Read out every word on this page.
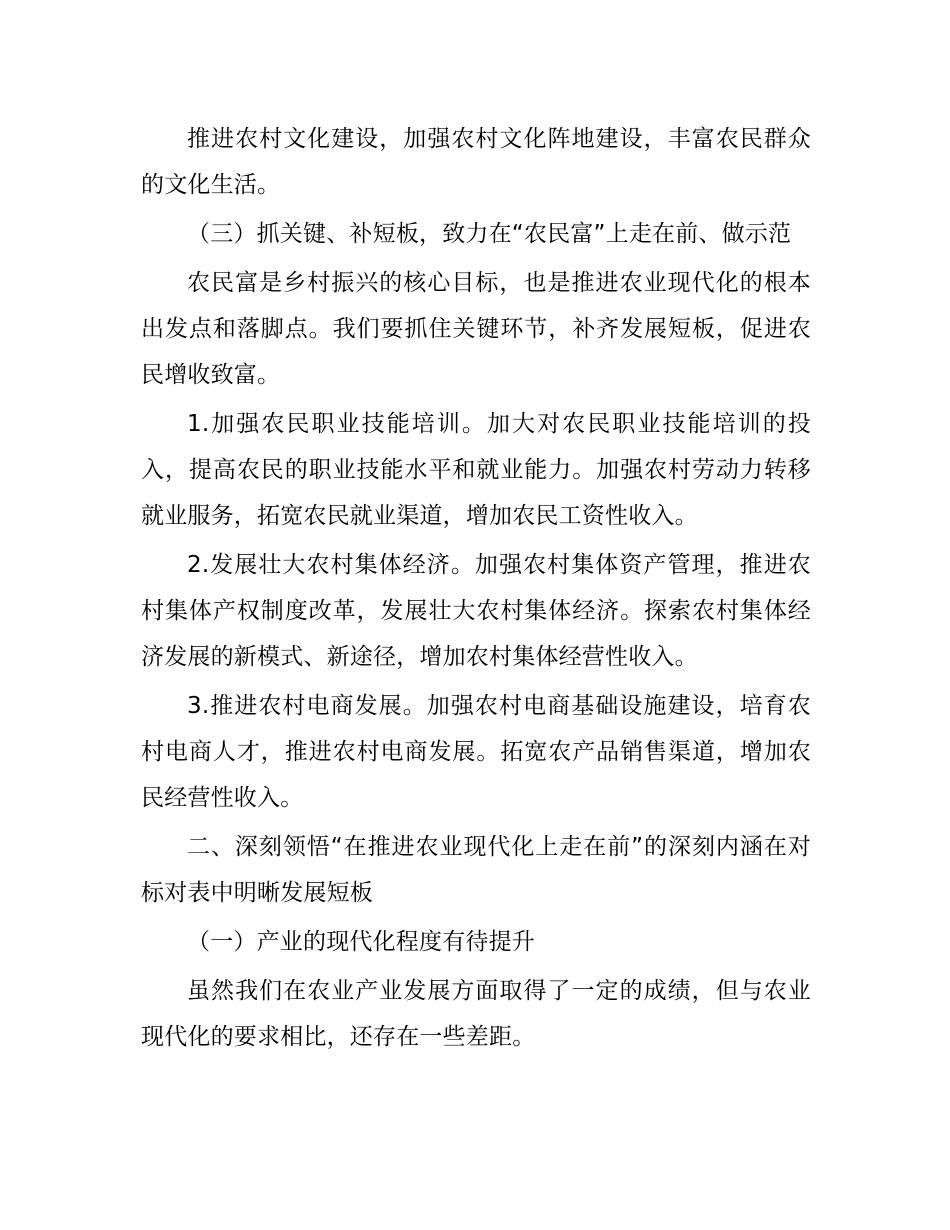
推进农村文化建设，加强农村文化阵地建设，丰富农民群众的文化生活。

（三）抓关键、补短板，致力在“农民富”上走在前、做示范

农民富是乡村振兴的核心目标，也是推进农业现代化的根本出发点和落脚点。我们要抓住关键环节，补齐发展短板，促进农民增收致富。

1.加强农民职业技能培训。加大对农民职业技能培训的投入，提高农民的职业技能水平和就业能力。加强农村劳动力转移就业服务，拓宽农民就业渠道，增加农民工资性收入。

2.发展壮大农村集体经济。加强农村集体资产管理，推进农村集体产权制度改革，发展壮大农村集体经济。探索农村集体经济发展的新模式、新途径，增加农村集体经营性收入。

3.推进农村电商发展。加强农村电商基础设施建设，培育农村电商人才，推进农村电商发展。拓宽农产品销售渠道，增加农民经营性收入。

二、深刻领悟“在推进农业现代化上走在前”的深刻内涵在对标对表中明晰发展短板

（一）产业的现代化程度有待提升

虽然我们在农业产业发展方面取得了一定的成绩，但与农业现代化的要求相比，还存在一些差距。
